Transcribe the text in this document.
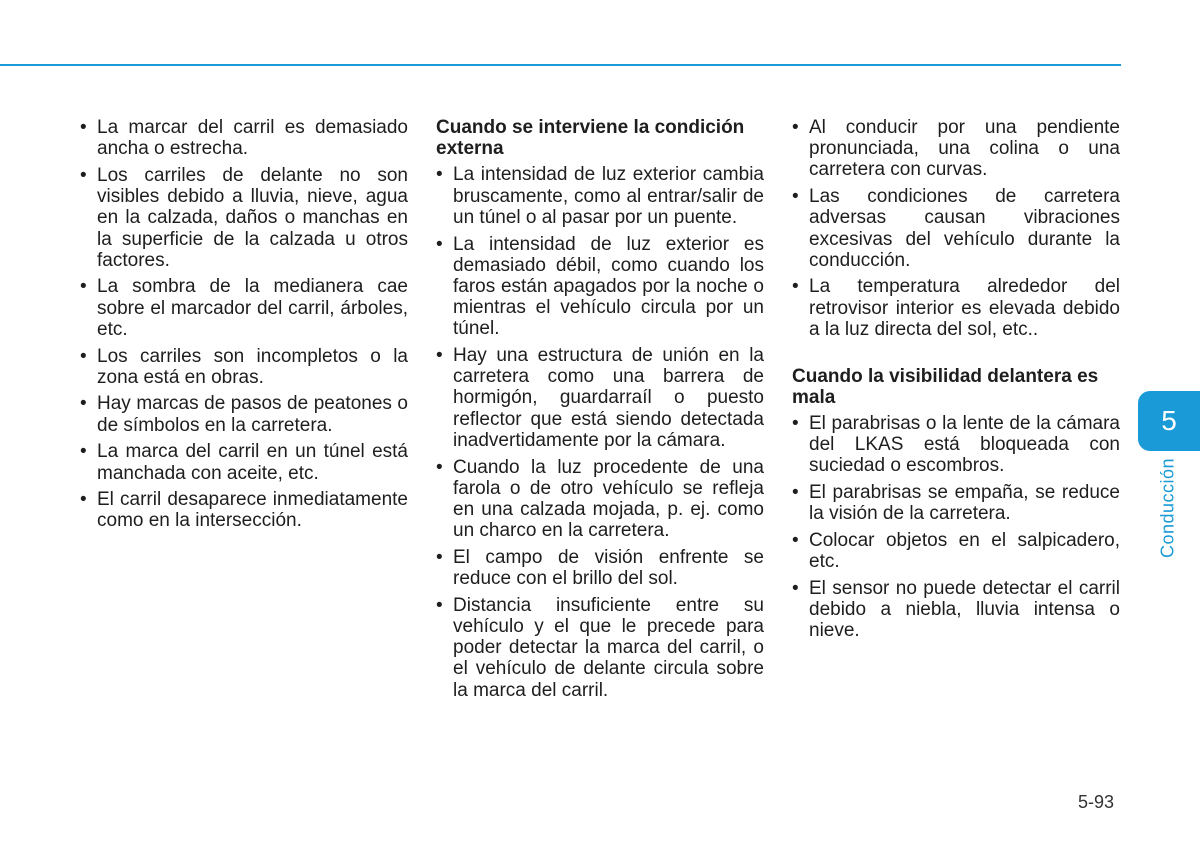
• La marcar del carril es demasiado ancha o estrecha.
• Los carriles de delante no son visibles debido a lluvia, nieve, agua en la calzada, daños o manchas en la superficie de la calzada u otros factores.
• La sombra de la medianera cae sobre el marcador del carril, árboles, etc.
• Los carriles son incompletos o la zona está en obras.
• Hay marcas de pasos de peatones o de símbolos en la carretera.
• La marca del carril en un túnel está manchada con aceite, etc.
• El carril desaparece inmediatamente como en la intersección.
Cuando se interviene la condición externa
• La intensidad de luz exterior cambia bruscamente, como al entrar/salir de un túnel o al pasar por un puente.
• La intensidad de luz exterior es demasiado débil, como cuando los faros están apagados por la noche o mientras el vehículo circula por un túnel.
• Hay una estructura de unión en la carretera como una barrera de hormigón, guardarraíl o puesto reflector que está siendo detectada inadvertidamente por la cámara.
• Cuando la luz procedente de una farola o de otro vehículo se refleja en una calzada mojada, p. ej. como un charco en la carretera.
• El campo de visión enfrente se reduce con el brillo del sol.
• Distancia insuficiente entre su vehículo y el que le precede para poder detectar la marca del carril, o el vehículo de delante circula sobre la marca del carril.
• Al conducir por una pendiente pronunciada, una colina o una carretera con curvas.
• Las condiciones de carretera adversas causan vibraciones excesivas del vehículo durante la conducción.
• La temperatura alrededor del retrovisor interior es elevada debido a la luz directa del sol, etc..
Cuando la visibilidad delantera es mala
• El parabrisas o la lente de la cámara del LKAS está bloqueada con suciedad o escombros.
• El parabrisas se empaña, se reduce la visión de la carretera.
• Colocar objetos en el salpicadero, etc.
• El sensor no puede detectar el carril debido a niebla, lluvia intensa o nieve.
5
Conducción
5-93
